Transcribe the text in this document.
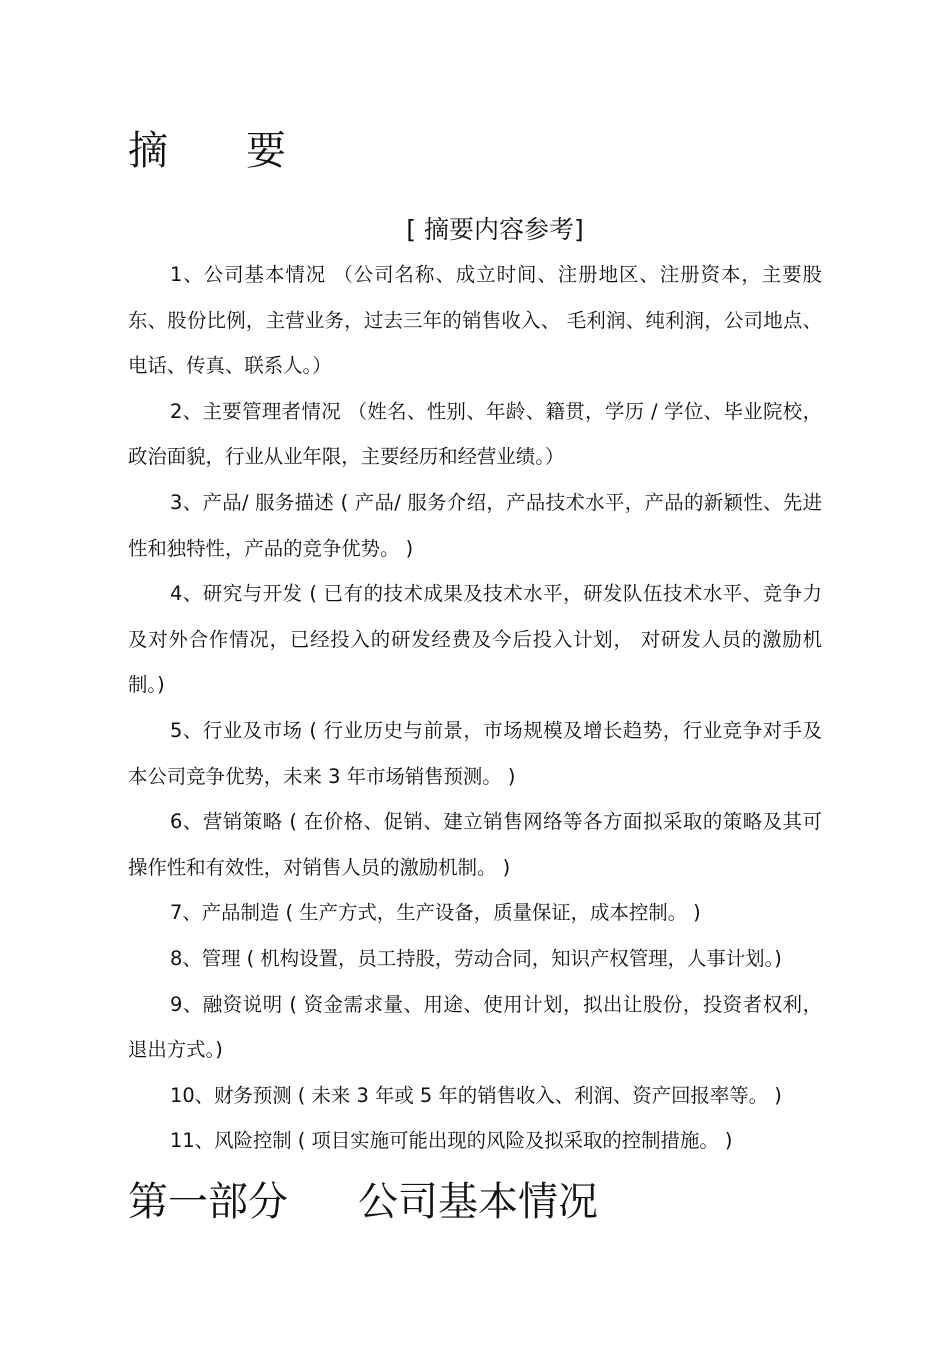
摘 要
[ 摘要内容参考]

1、公司基本情况 （公司名称、成立时间、注册地区、注册资本，主要股东、股份比例，主营业务，过去三年的销售收入、 毛利润、纯利润，公司地点、电话、传真、联系人。）

2、主要管理者情况 （姓名、性别、年龄、籍贯，学历 / 学位、毕业院校，政治面貌，行业从业年限，主要经历和经营业绩。）

3、产品/ 服务描述 ( 产品/ 服务介绍，产品技术水平，产品的新颖性、先进性和独特性，产品的竞争优势。 )

4、研究与开发 ( 已有的技术成果及技术水平，研发队伍技术水平、竞争力及对外合作情况，已经投入的研发经费及今后投入计划， 对研发人员的激励机制。)

5、行业及市场 ( 行业历史与前景，市场规模及增长趋势，行业竞争对手及本公司竞争优势，未来 3 年市场销售预测。 )

6、营销策略 ( 在价格、促销、建立销售网络等各方面拟采取的策略及其可操作性和有效性，对销售人员的激励机制。 )

7、产品制造 ( 生产方式，生产设备，质量保证，成本控制。 )

8、管理 ( 机构设置，员工持股，劳动合同，知识产权管理，人事计划。)

9、融资说明 ( 资金需求量、用途、使用计划，拟出让股份，投资者权利，退出方式。)

10、财务预测 ( 未来 3 年或 5 年的销售收入、利润、资产回报率等。 )

11、风险控制 ( 项目实施可能出现的风险及拟采取的控制措施。 )

第一部分 公司基本情况
